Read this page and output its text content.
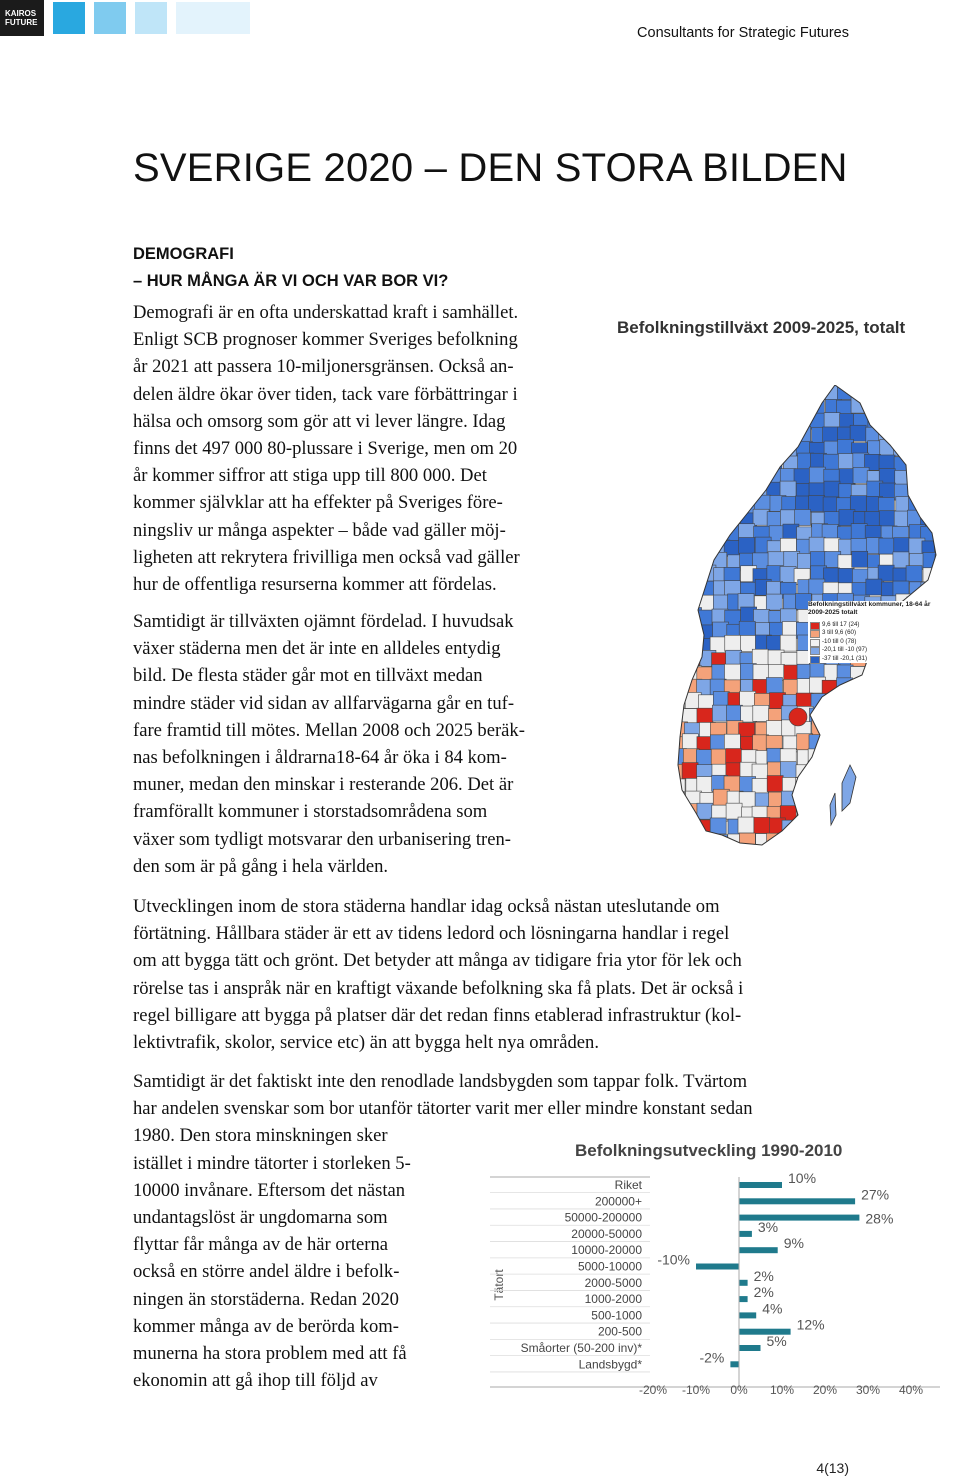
KAIROS
FUTURE
Consultants for Strategic Futures
SVERIGE 2020 – DEN STORA BILDEN
DEMOGRAFI
– HUR MÅNGA ÄR VI OCH VAR BOR VI?
Demografi är en ofta underskattad kraft i samhället.
Enligt SCB prognoser kommer Sveriges befolkning
år 2021 att passera 10-miljonersgränsen. Också an-
delen äldre ökar över tiden, tack vare förbättringar i
hälsa och omsorg som gör att vi lever längre. Idag
finns det 497 000 80-plussare i Sverige, men om 20
år kommer siffror att stiga upp till 800 000. Det
kommer självklar att ha effekter på Sveriges före-
ningsliv ur många aspekter – både vad gäller möj-
ligheten att rekrytera frivilliga men också vad gäller
hur de offentliga resurserna kommer att fördelas.
Samtidigt är tillväxten ojämnt fördelad. I huvudsak
växer städerna men det är inte en alldeles entydig
bild. De flesta städer går mot en tillväxt medan
mindre städer vid sidan av allfarvägarna går en tuf-
fare framtid till mötes. Mellan 2008 och 2025 beräk-
nas befolkningen i åldrarna18-64 år öka i 84 kom-
muner, medan den minskar i resterande 206. Det är
framförallt kommuner i storstadsområdena som
växer som tydligt motsvarar den urbanisering tren-
den som är på gång i hela världen.
Utvecklingen inom de stora städerna handlar idag också nästan uteslutande om
förtätning. Hållbara städer är ett av tidens ledord och lösningarna handlar i regel
om att bygga tätt och grönt. Det betyder att många av tidigare fria ytor för lek och
rörelse tas i anspråk när en kraftigt växande befolkning ska få plats. Det är också i
regel billigare att bygga på platser där det redan finns etablerad infrastruktur (kol-
lektivtrafik, skolor, service etc) än att bygga helt nya områden.
Samtidigt är det faktiskt inte den renodlade landsbygden som tappar folk. Tvärtom
har andelen svenskar som bor utanför tätorter varit mer eller mindre konstant sedan
1980. Den stora minskningen sker
istället i mindre tätorter i storleken 5-
10000 invånare. Eftersom det nästan
undantagslöst är ungdomarna som
flyttar får många av de här orterna
också en större andel äldre i befolk-
ningen än storstäderna. Redan 2020
kommer många av de berörda kom-
munerna ha stora problem med att få
ekonomin att gå ihop till följd av
Befolkningstillväxt 2009-2025, totalt
Befolkningstillväxt kommuner, 18-64 år
2009-2025 totalt
9,6 till 17 (24)
3 till 9,6 (60)
-10 till 0 (78)
-20,1 till -10 (97)
-37 till -20,1 (31)
Befolkningsutveckling 1990-2010
Tätort
Riket	10%
200000+	27%
50000-200000	28%
20000-50000	3%
10000-20000	9%
5000-10000 -10%
2000-5000	2%
1000-2000	2%
500-1000	4%
200-500	12%
Småorter (50-200 inv)*	5%
Landsbygd*	-2%
-20% -10% 0% 10% 20% 30% 40%
4(13)
